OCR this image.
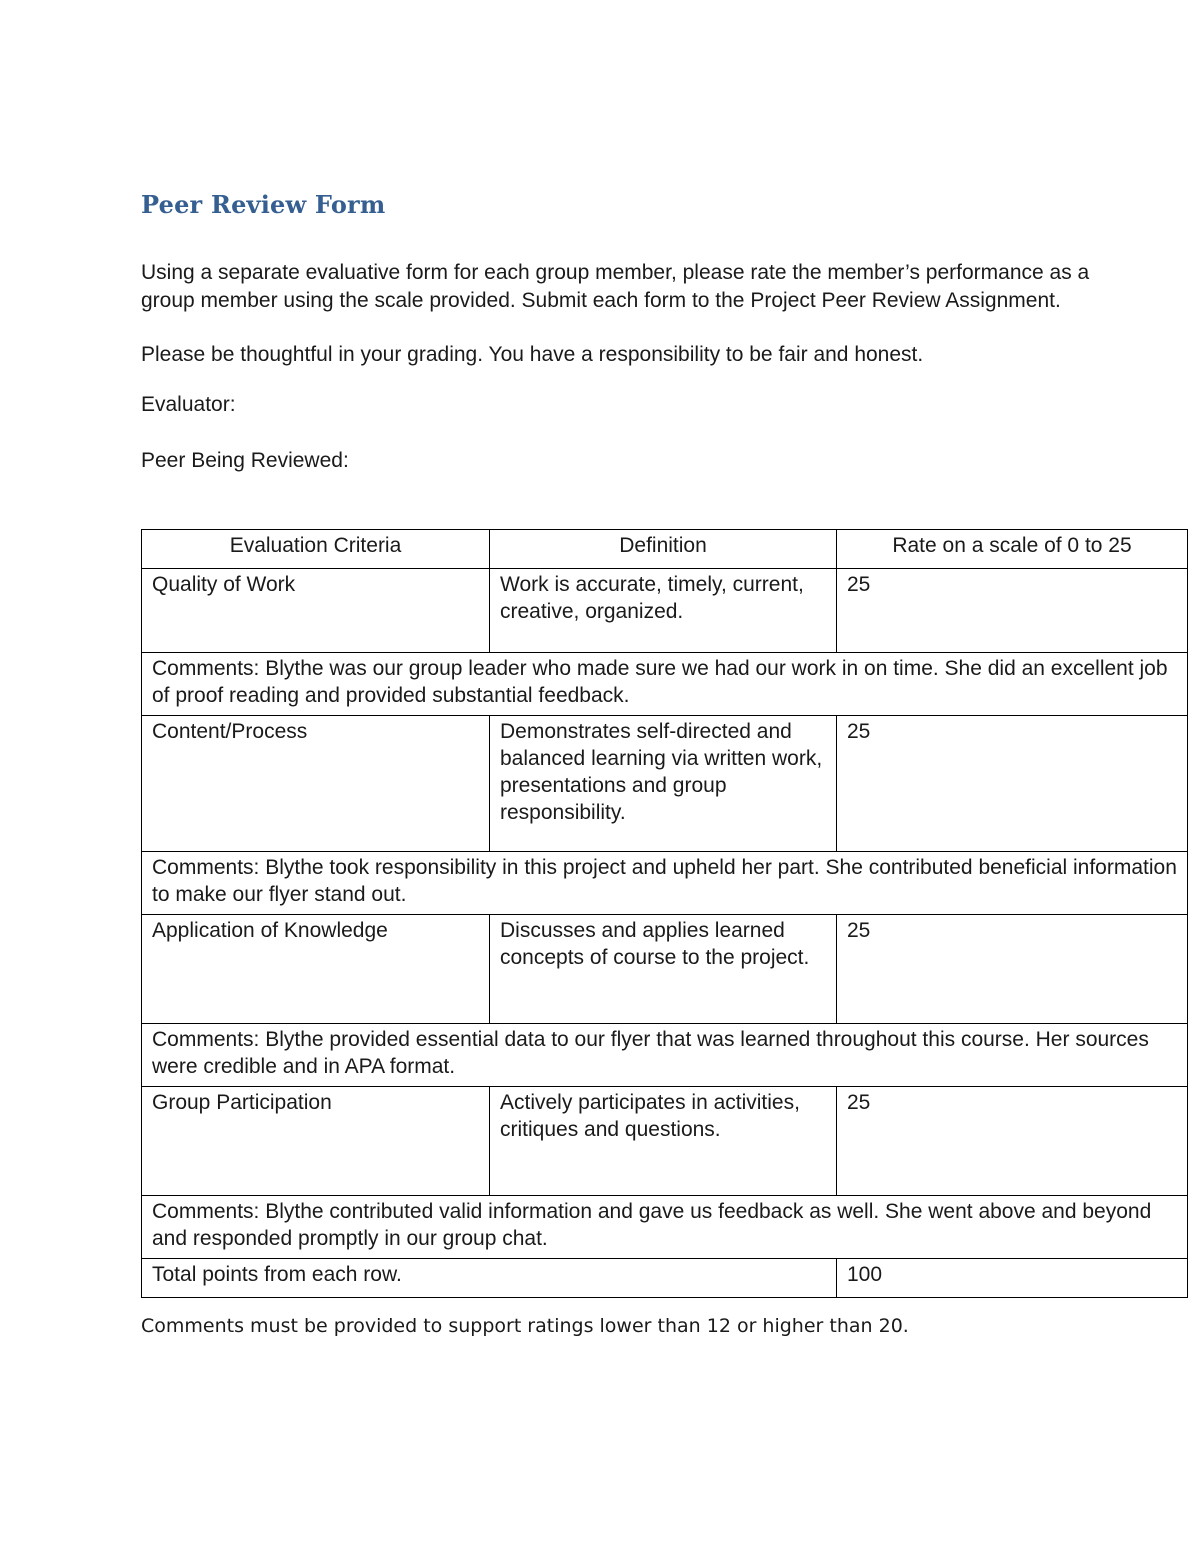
Peer Review Form

Using a separate evaluative form for each group member, please rate the member’s performance as a group member using the scale provided. Submit each form to the Project Peer Review Assignment.

Please be thoughtful in your grading. You have a responsibility to be fair and honest.

Evaluator:

Peer Being Reviewed:

Evaluation Criteria	Definition	Rate on a scale of 0 to 25
Quality of Work	Work is accurate, timely, current, creative, organized.	25
Comments: Blythe was our group leader who made sure we had our work in on time. She did an excellent job of proof reading and provided substantial feedback.		
Content/Process	Demonstrates self-directed and balanced learning via written work, presentations and group responsibility.	25
Comments: Blythe took responsibility in this project and upheld her part. She contributed beneficial information to make our flyer stand out.		
Application of Knowledge	Discusses and applies learned concepts of course to the project.	25
Comments: Blythe provided essential data to our flyer that was learned throughout this course. Her sources were credible and in APA format.		
Group Participation	Actively participates in activities, critiques and questions.	25
Comments: Blythe contributed valid information and gave us feedback as well. She went above and beyond and responded promptly in our group chat.		
Total points from each row.		100

Comments must be provided to support ratings lower than 12 or higher than 20.
